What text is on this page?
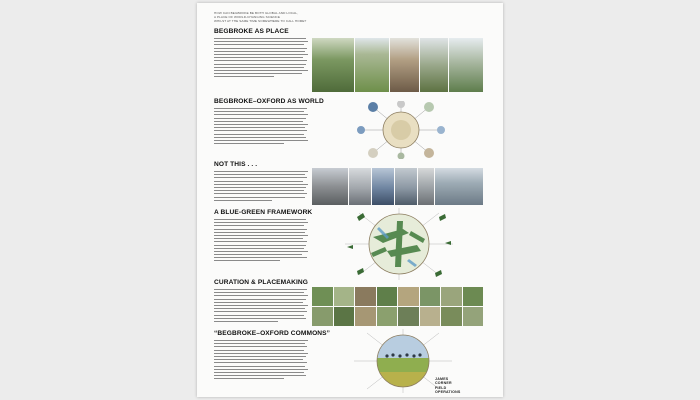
HOW CAN BEGBROKE BE BOTH GLOBAL AND LOCAL,
A PLACE OF WORLD-CHANGING SCIENCE
WHILST AT THE SAME TIME SOMEWHERE TO CALL HOME?
BEGBROKE AS PLACE
BEGBROKE–OXFORD AS WORLD
NOT THIS . . .
A BLUE-GREEN FRAMEWORK
CURATION & PLACEMAKING
“BEGBROKE–OXFORD COMMONS”
JAMES
CORNER
FIELD
OPERATIONS
